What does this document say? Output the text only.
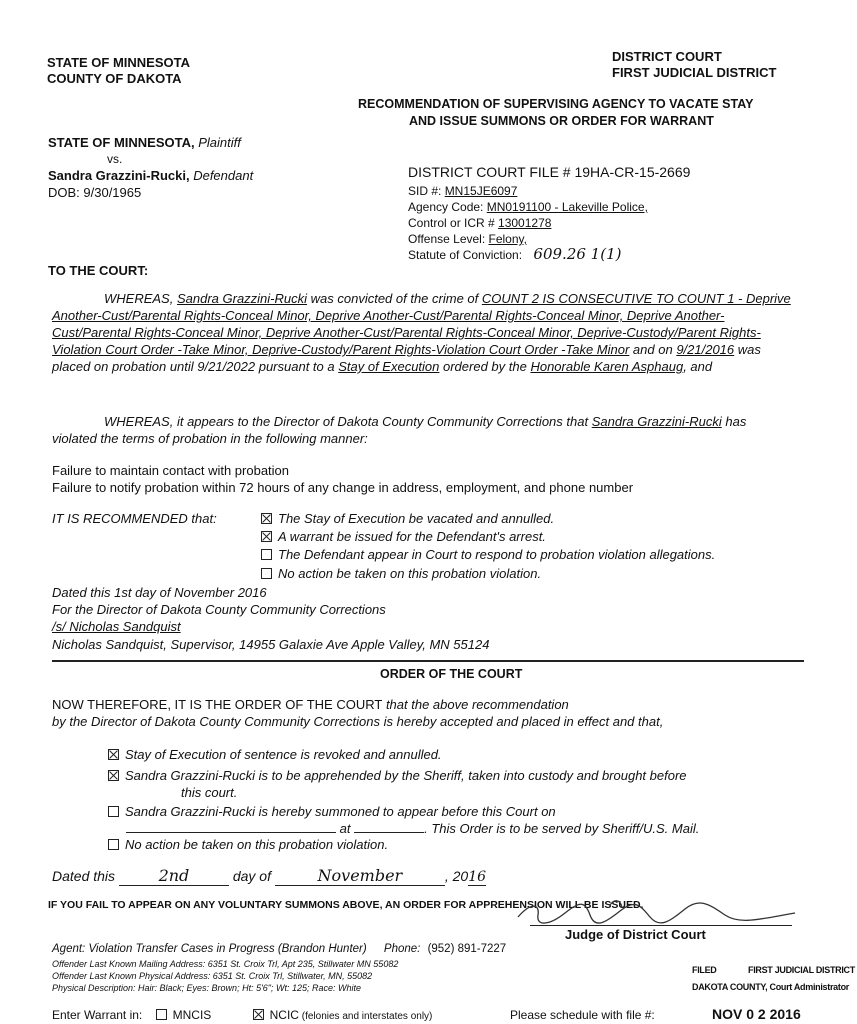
STATE OF MINNESOTA
COUNTY OF DAKOTA
DISTRICT COURT
FIRST JUDICIAL DISTRICT
RECOMMENDATION OF SUPERVISING AGENCY TO VACATE STAY
AND ISSUE SUMMONS OR ORDER FOR WARRANT
STATE OF MINNESOTA, Plaintiff
vs.
Sandra Grazzini-Rucki, Defendant
DOB: 9/30/1965
DISTRICT COURT FILE # 19HA-CR-15-2669
SID #: MN15JE6097
Agency Code: MN0191100 - Lakeville Police,
Control or ICR # 13001278
Offense Level: Felony,
Statute of Conviction: 609.26 1(1)
TO THE COURT:
WHEREAS, Sandra Grazzini-Rucki was convicted of the crime of COUNT 2 IS CONSECUTIVE TO COUNT 1 - Deprive Another-Cust/Parental Rights-Conceal Minor, Deprive Another-Cust/Parental Rights-Conceal Minor, Deprive Another-Cust/Parental Rights-Conceal Minor, Deprive Another-Cust/Parental Rights-Conceal Minor, Deprive-Custody/Parent Rights-Violation Court Order -Take Minor, Deprive-Custody/Parent Rights-Violation Court Order -Take Minor and on 9/21/2016 was placed on probation until 9/21/2022 pursuant to a Stay of Execution ordered by the Honorable Karen Asphaug, and
WHEREAS, it appears to the Director of Dakota County Community Corrections that Sandra Grazzini-Rucki has violated the terms of probation in the following manner:
Failure to maintain contact with probation
Failure to notify probation within 72 hours of any change in address, employment, and phone number
IT IS RECOMMENDED that:	The Stay of Execution be vacated and annulled.
A warrant be issued for the Defendant's arrest.
The Defendant appear in Court to respond to probation violation allegations.
No action be taken on this probation violation.
Dated this 1st day of November 2016
For the Director of Dakota County Community Corrections
/s/ Nicholas Sandquist
Nicholas Sandquist, Supervisor, 14955 Galaxie Ave Apple Valley, MN 55124
ORDER OF THE COURT
NOW THEREFORE, IT IS THE ORDER OF THE COURT that the above recommendation
by the Director of Dakota County Community Corrections is hereby accepted and placed in effect and that,
Stay of Execution of sentence is revoked and annulled.
Sandra Grazzini-Rucki is to be apprehended by the Sheriff, taken into custody and brought before
this court.
Sandra Grazzini-Rucki is hereby summoned to appear before this Court on
at	. This Order is to be served by Sheriff/U.S. Mail.
No action be taken on this probation violation.
Dated this	2nd	day of	November	, 2016
IF YOU FAIL TO APPEAR ON ANY VOLUNTARY SUMMONS ABOVE, AN ORDER FOR APPREHENSION WILL BE ISSUED.
Judge of District Court
Agent: Violation Transfer Cases in Progress (Brandon Hunter) Phone: (952) 891-7227
Offender Last Known Mailing Address: 6351 St. Croix Trl, Apt 235, Stillwater MN 55082
Offender Last Known Physical Address: 6351 St. Croix Trl, Stillwater, MN, 55082
Physical Description: Hair: Black; Eyes: Brown; Ht: 5'6"; Wt: 125; Race: White
FILED	FIRST JUDICIAL DISTRICT
DAKOTA COUNTY, Court Administrator
NOV 0 2 2016
Enter Warrant in:	MNCIS	NCIC (felonies and interstates only)	Please schedule with file #:
